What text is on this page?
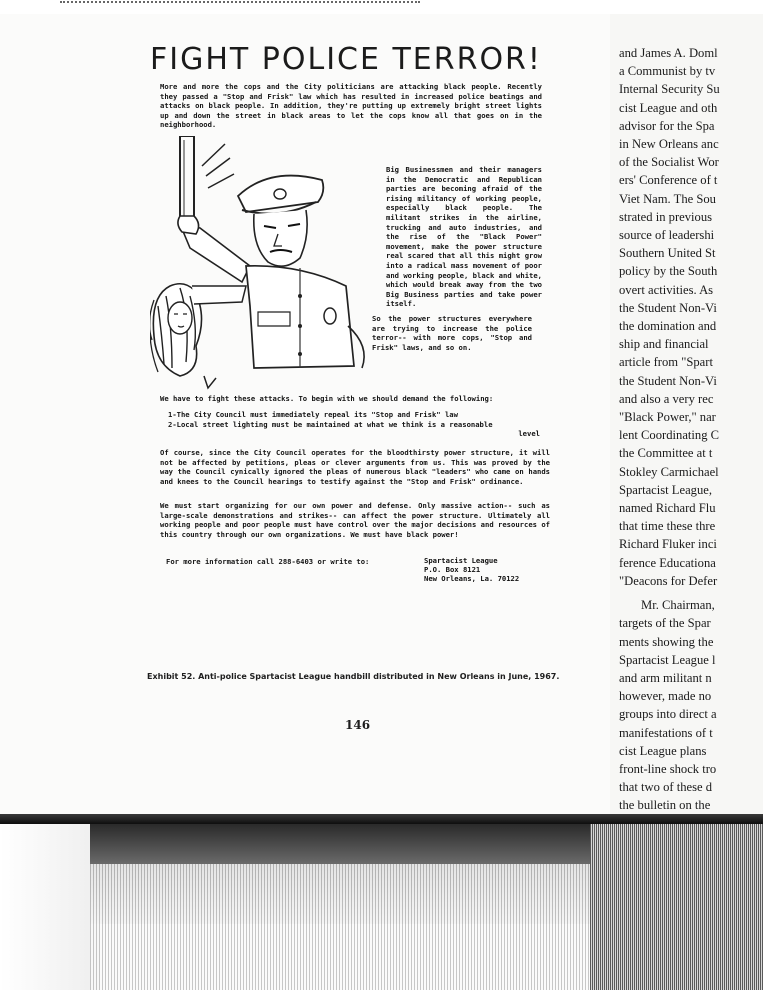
FIGHT POLICE TERROR!

More and more the cops and the City politicians are attacking black people. Recently they passed a "Stop and Frisk" law which has resulted in increased police beatings and attacks on black people. In addition, they're putting up extremely bright street lights up and down the street in black areas to let the cops know all that goes on in the neighborhood.

Big Businessmen and their managers in the Democratic and Republican parties are becoming afraid of the rising militancy of working people, especially black people. The militant strikes in the airline, trucking and auto industries, and the rise of the "Black Power" movement, make the power structure real scared that all this might grow into a radical mass movement of poor and working people, black and white, which would break away from the two Big Business parties and take power itself.

So the power structures everywhere are trying to increase the police terror-- with more cops, "Stop and Frisk" laws, and so on.

We have to fight these attacks. To begin with we should demand the following:

1-The City Council must immediately repeal its "Stop and Frisk" law
2-Local street lighting must be maintained at what we think is a reasonable
level

Of course, since the City Council operates for the bloodthirsty power structure, it will not be affected by petitions, pleas or clever arguments from us. This was proved by the way the Council cynically ignored the pleas of numerous black "leaders" who came on hands and knees to the Council hearings to testify against the "Stop and Frisk" ordinance.

We must start organizing for our own power and defense. Only massive action-- such as large-scale demonstrations and strikes-- can affect the power structure. Ultimately all working people and poor people must have control over the major decisions and resources of this country through our own organizations. We must have black power!

For more information call 288-6403 or write to:	Spartacist League
P.O. Box 8121
New Orleans, La. 70122

Exhibit 52. Anti-police Spartacist League handbill distributed in New Orleans in June, 1967.

146
and James A. Doml
a Communist by tv
Internal Security Su
cist League and oth
advisor for the Spa
in New Orleans anc
of the Socialist Wor
ers' Conference of t
Viet Nam. The Sou
strated in previous
source of leadershi
Southern United St
policy by the South
overt activities. As
the Student Non-Vi
the domination and
ship and financial
article from "Spart
the Student Non-Vi
and also a very rec
"Black Power," nar
lent Coordinating C
the Committee at t
Stokley Carmichael
Spartacist League,
named Richard Flu
that time these thre
Richard Fluker inci
ference Educationa
"Deacons for Defer
Mr. Chairman,
targets of the Spar
ments showing the
Spartacist League l
and arm militant n
however, made no
groups into direct a
manifestations of t
cist League plans
front-line shock tro
that two of these d
the bulletin on the
